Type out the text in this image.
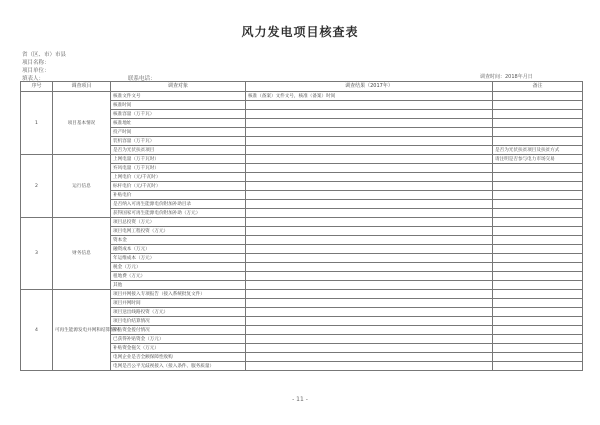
风力发电项目核查表
省（区、市）市县
项目名称：
项目单位：
填表人：	联系电话：	调查时间：2018年月日
序号	调查项目	调查对象	调查结果（2017年）	备注
1	项目基本情况	核准文件文号	核准（备案）文件文号，核准（备案）时间	
		核准时间		
		核准容量（万千瓦）		
		核准地址		
		投产时间		
		装机容量（万千瓦）		
		是否为光伏扶贫项目		是否为光伏扶贫项目及扶贫方式
2	运行信息	上网电量（万千瓦时）		请注明是否参与电力市场交易
		弃风电量（万千瓦时）		
		上网电价（元/千瓦时）		
		标杆电价（元/千瓦时）		
		补贴电价		
		是否纳入可再生能源电价附加补助目录		
		获得国家可再生能源电价附加补助（万元）		
3	财务信息	项目总投资（万元）		
		项目电网工程投资（万元）		
		资本金		
		融资成本（万元）		
		年运维成本（万元）		
		税金（万元）		
		租地费（万元）		
		其他		
4	可再生能源发电并网和结算情况	项目并网接入专项报告（接入系统批复文件）		
		项目并网时间		
		项目送出线路投资（万元）		
		项目电价结算情况		
		补贴资金拨付情况		
		已获得补贴资金（万元）		
		补贴资金拖欠（万元）		
		电网企业是否全额保障性收购		
		电网是否公平无歧视接入（接入条件、服务质量）		
- 11 -
